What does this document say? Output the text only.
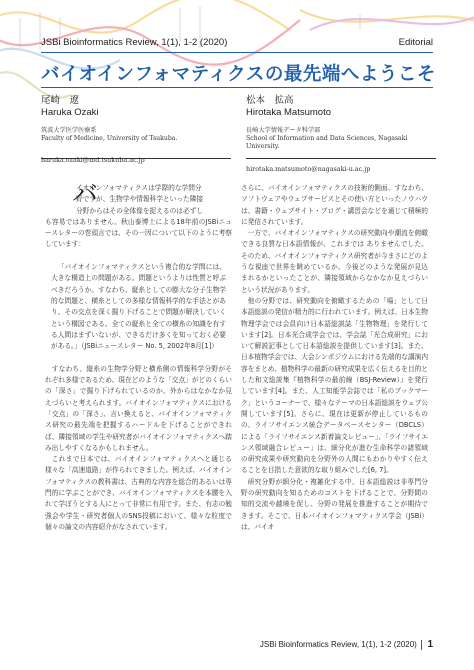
JSBi Bioinformatics Review, 1(1), 1-2 (2020)	Editorial
バイオインフォマティクスの最先端へようこそ
尾崎　遼
Haruka Ozaki
筑波大学医学医療系
Faculty of Medicine, University of Tsukuba.
haruka.ozaki@md.tsukuba.ac.jp
松本　拡高
Hirotaka Matsumoto
長崎大学情報データ科学部
School of Information and Data Sciences, Nagasaki University.
hirotaka.matsumoto@nagasaki-u.ac.jp
バ
イオインフォマティクスは学際的な学問分
野ですが、生物学や情報科学といった隣接
分野からはその全体像を捉えるのは必ずし

も容易ではありません。秋山泰博士による18年前のJSBiニュースレターの巻頭言では、その一因について以下のように考察しています：

「バイオインフォマティクスという複合的な学問には、大きな構造上の問題がある。問題というよりは性質と呼ぶべきだろうか。すなわち、縦糸としての膨大な分子生物学的な問題と、横糸としての多様な情報科学的な手法とがあり、その交点を深く掘り下げることで問題が解決していくという構図である。全ての縦糸と全ての横糸の知識を有する人間はまずいないが、できるだけ多くを知っておく必要がある。」（JSBiニュースレター No. 5, 2002年8月[1]）

すなわち、縦糸の生物学分野と横糸側の情報科学分野がそれぞれ多様であるため、現在どのような「交点」がどのくらいの「深さ」で掘り下げられているのか、外からはなかなか見えづらいと考えられます。バイオインフォマティクスにおける「交点」の「深さ」、言い換えると、バイオインフォマティクス研究の最先端を把握するハードルを下げることができれば、隣接領域の学生や研究者がバイオインフォマティクスへ踏み出しやすくなるかもしれません。

これまで日本では、バイオインフォマティクスへと通じる様々な「高速道路」が作られてきました。例えば、バイオインフォマティクスの教科書は、古典的な内容を総合的あるいは専門的に学ぶことができ、バイオインフォマティクスを本腰を入れて学ぼうとする人にとって非常に有用です。また、有志の勉強会や学生・研究者個人のSNS投稿において、様々な粒度で個々の論文の内容紹介がなされています。

さらに、バイオインフォマティクスの技術的側面、すなわち、ソフトウェアやウェブサービスとその使い方といったノウハウは、書籍・ウェブサイト・ブログ・講習会などを通じて積極的に発信されています。

一方で、バイオインフォマティクスの研究動向や潮流を俯瞰できる良質な日本語情報が、これまでは ありませんでした。そのため、バイオインフォマティクス研究者が今まさにどのような視座で世界を眺めているか、今後どのような発展が見込まれるかといったことが、隣接領域からなかなか見えづらいという状況があります。

他の分野では、研究動向を俯瞰するための「場」として日本語総説の発信が精力的に行われています。例えば、日本生物物理学会では会員向け日本語総説誌「生物物理」を発行しています[2]。日本光合成学会では、学会誌「光合成研究」において解説記事として日本語総説を提供しています[3]。また、日本植物学会では、大会シンポジウムにおける先端的な講演内容をまとめ、植物科学の最新の研究成果を広く伝えるを目的とした和文総説集『植物科学の最前線（BSJ-Review）』を発行しています[4]。また、人工知能学会誌では「私のブックマーク」というコーナーで、様々なテーマの日本語総説をウェブ公開しています[5]。さらに、現在は更新が停止しているものの、ライフサイエンス統合データベースセンター（DBCLS）による「ライフサイエンス新着論文レビュー」、「ライフサイエンス領域融合レビュー」は、細分化が進む生命科学の諸領域の研究成果や研究動向を分野外の人間にもわかりやすく伝えることを目指した意欲的な取り組みでした[6, 7]。

研究分野が細分化・複雑化する中、日本語総説は非専門分野の研究動向を知るためのコストを下げることで、分野間の知的交流や越境を促し、分野の発展を推進することが期待できます。そこで、日本バイオインフォマティクス学会（JSBi）は、バイオ

JSBi Bioinformatics Review, 1(1), 1-2 (2020) 1
